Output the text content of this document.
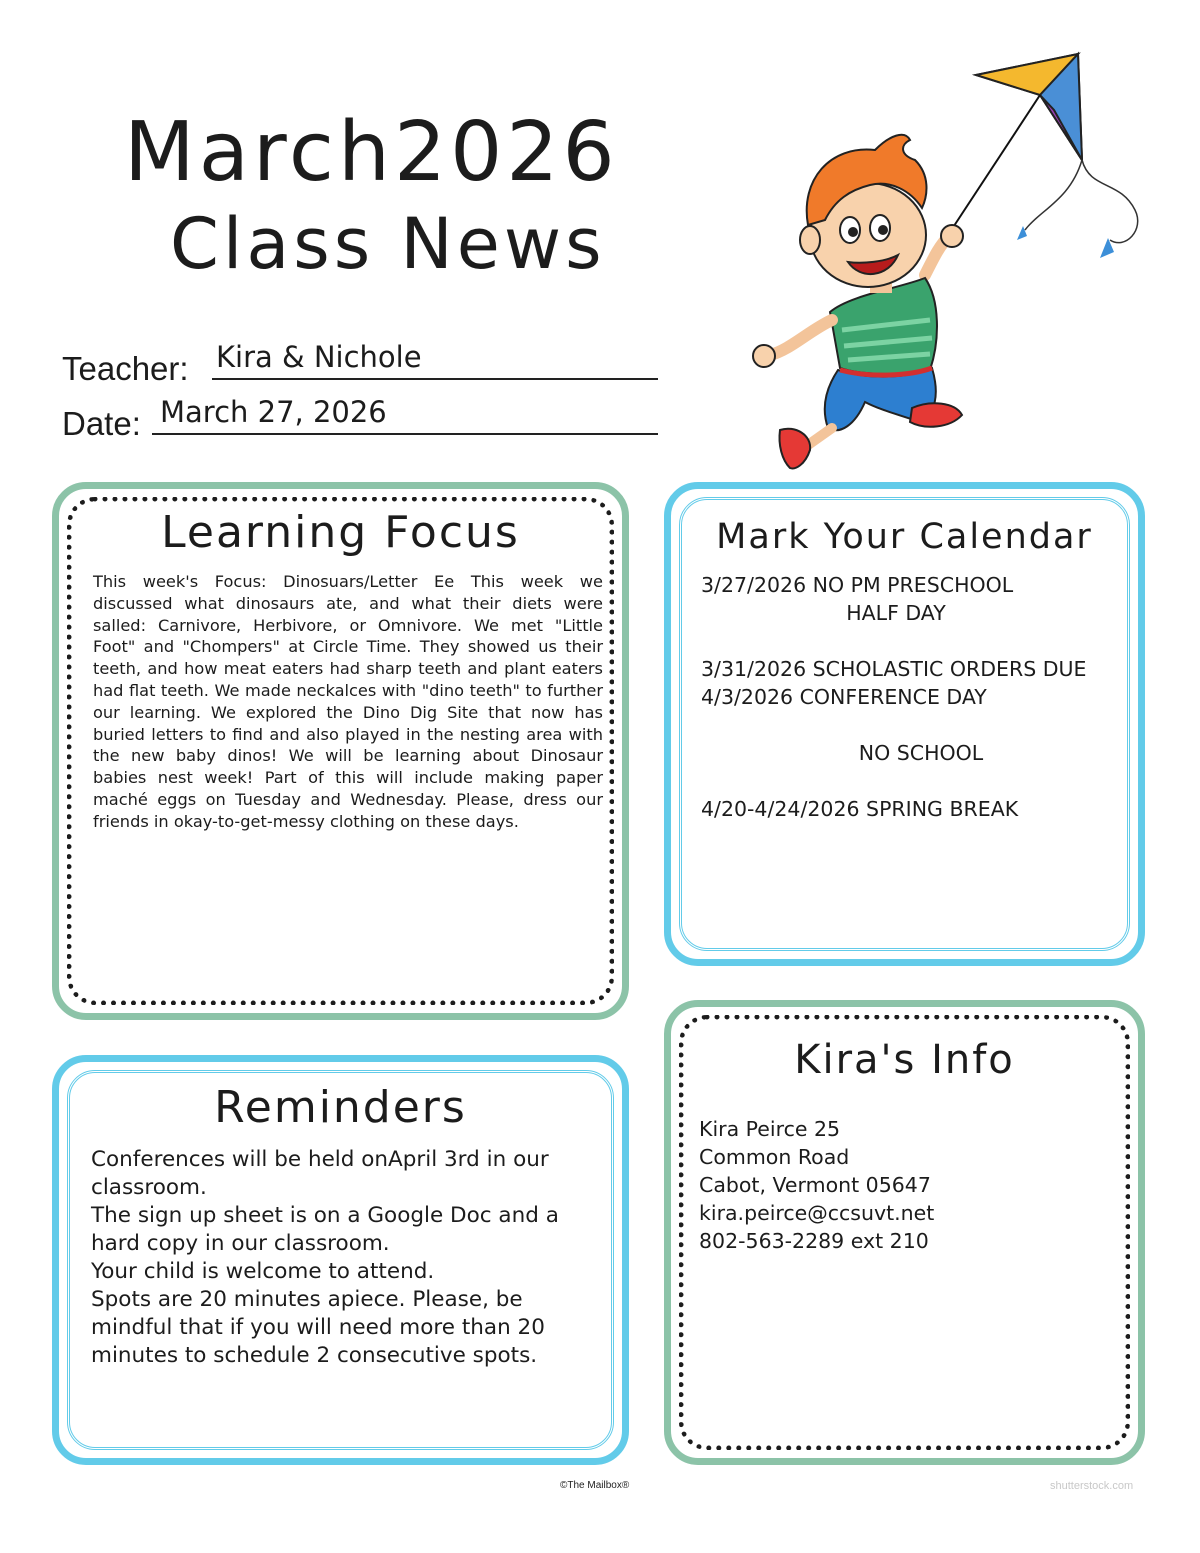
March2026
Class News
Teacher: Kira & Nichole
Date: March 27, 2026
Learning Focus

This week's Focus: Dinosuars/Letter Ee This week we discussed what dinosaurs ate, and what their diets were salled: Carnivore, Herbivore, or Omnivore. We met "Little Foot" and "Chompers" at Circle Time. They showed us their teeth, and how meat eaters had sharp teeth and plant eaters had flat teeth. We made neckalces with "dino teeth" to further our learning. We explored the Dino Dig Site that now has buried letters to find and also played in the nesting area with the new baby dinos! We will be learning about Dinosaur babies nest week! Part of this will include making paper maché eggs on Tuesday and Wednesday. Please, dress our friends in okay-to-get-messy clothing on these days.

Mark Your Calendar
3/27/2026 NO PM PRESCHOOL
HALF DAY
3/31/2026 SCHOLASTIC ORDERS DUE
4/3/2026 CONFERENCE DAY
NO SCHOOL
4/20-4/24/2026 SPRING BREAK
Reminders

Conferences will be held onApril 3rd in our classroom.

The sign up sheet is on a Google Doc and a hard copy in our classroom.

Your child is welcome to attend.

Spots are 20 minutes apiece. Please, be mindful that if you will need more than 20 minutes to schedule 2 consecutive spots.

Kira's Info
Kira Peirce 25
Common Road
Cabot, Vermont 05647
kira.peirce@ccsuvt.net
802-563-2289 ext 210
©The Mailbox®	shutterstock.com
